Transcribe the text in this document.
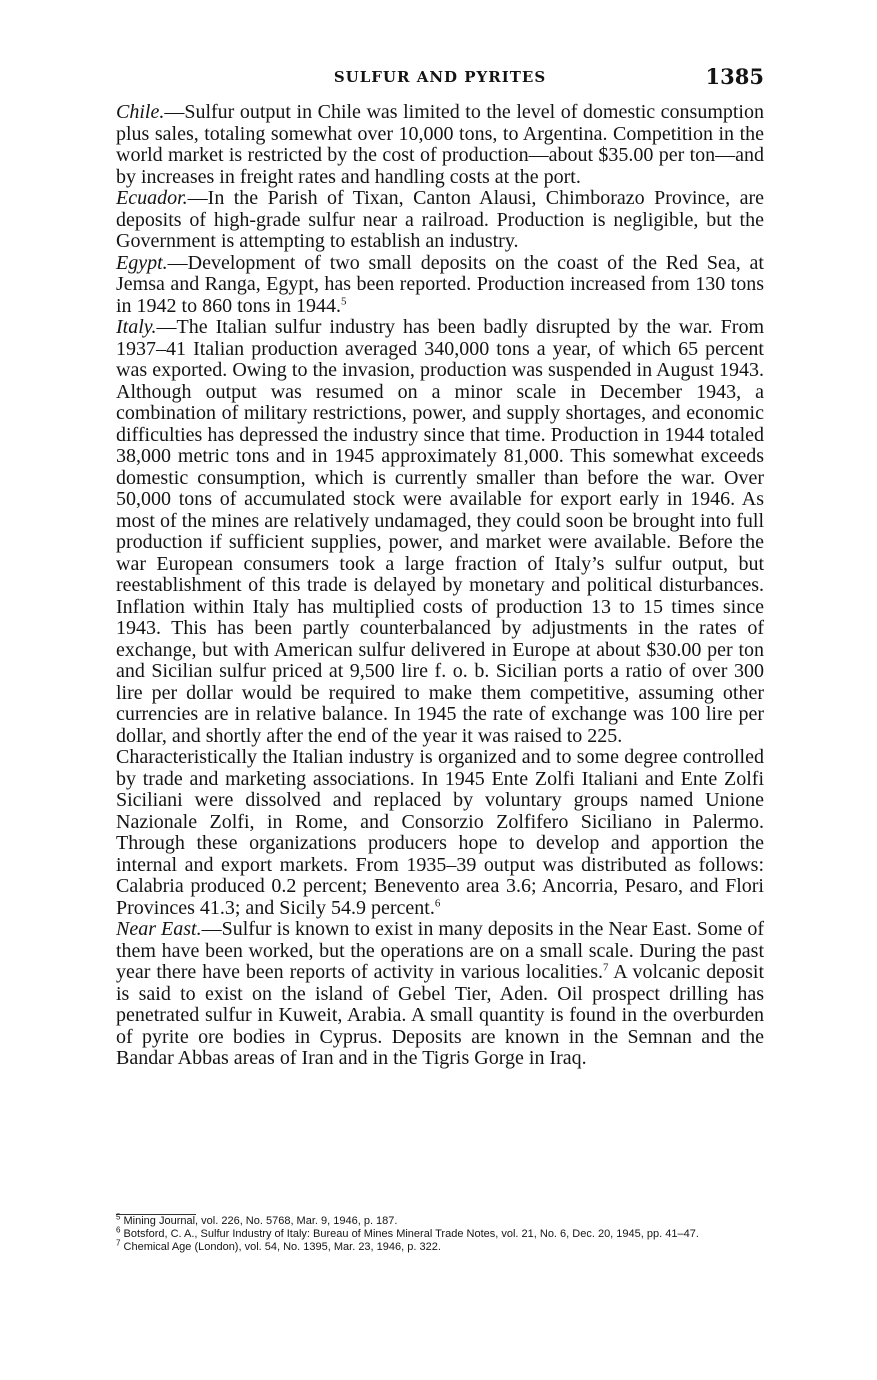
SULFUR AND PYRITES	1385

Chile.—Sulfur output in Chile was limited to the level of domestic consumption plus sales, totaling somewhat over 10,000 tons, to Argentina. Competition in the world market is restricted by the cost of production—about $35.00 per ton—and by increases in freight rates and handling costs at the port.

Ecuador.—In the Parish of Tixan, Canton Alausi, Chimborazo Province, are deposits of high-grade sulfur near a railroad. Production is negligible, but the Government is attempting to establish an industry.

Egypt.—Development of two small deposits on the coast of the Red Sea, at Jemsa and Ranga, Egypt, has been reported. Production increased from 130 tons in 1942 to 860 tons in 1944.$^5$

Italy.—The Italian sulfur industry has been badly disrupted by the war. From 1937–41 Italian production averaged 340,000 tons a year, of which 65 percent was exported. Owing to the invasion, production was suspended in August 1943. Although output was resumed on a minor scale in December 1943, a combination of military restrictions, power, and supply shortages, and economic difficulties has depressed the industry since that time. Production in 1944 totaled 38,000 metric tons and in 1945 approximately 81,000. This somewhat exceeds domestic consumption, which is currently smaller than before the war. Over 50,000 tons of accumulated stock were available for export early in 1946. As most of the mines are relatively undamaged, they could soon be brought into full production if sufficient supplies, power, and market were available. Before the war European consumers took a large fraction of Italy’s sulfur output, but reestablishment of this trade is delayed by monetary and political disturbances. Inflation within Italy has multiplied costs of production 13 to 15 times since 1943. This has been partly counterbalanced by adjustments in the rates of exchange, but with American sulfur delivered in Europe at about $30.00 per ton and Sicilian sulfur priced at 9,500 lire f. o. b. Sicilian ports a ratio of over 300 lire per dollar would be required to make them competitive, assuming other currencies are in relative balance. In 1945 the rate of exchange was 100 lire per dollar, and shortly after the end of the year it was raised to 225.

Characteristically the Italian industry is organized and to some degree controlled by trade and marketing associations. In 1945 Ente Zolfi Italiani and Ente Zolfi Siciliani were dissolved and replaced by voluntary groups named Unione Nazionale Zolfi, in Rome, and Consorzio Zolfifero Siciliano in Palermo. Through these organizations producers hope to develop and apportion the internal and export markets. From 1935–39 output was distributed as follows: Calabria produced 0.2 percent; Benevento area 3.6; Ancorria, Pesaro, and Flori Provinces 41.3; and Sicily 54.9 percent.$^6$

Near East.—Sulfur is known to exist in many deposits in the Near East. Some of them have been worked, but the operations are on a small scale. During the past year there have been reports of activity in various localities.$^7$ A volcanic deposit is said to exist on the island of Gebel Tier, Aden. Oil prospect drilling has penetrated sulfur in Kuweit, Arabia. A small quantity is found in the overburden of pyrite ore bodies in Cyprus. Deposits are known in the Semnan and the Bandar Abbas areas of Iran and in the Tigris Gorge in Iraq.

$^5$ Mining Journal, vol. 226, No. 5768, Mar. 9, 1946, p. 187.

$^6$ Botsford, C. A., Sulfur Industry of Italy: Bureau of Mines Mineral Trade Notes, vol. 21, No. 6, Dec. 20, 1945, pp. 41–47.

$^7$ Chemical Age (London), vol. 54, No. 1395, Mar. 23, 1946, p. 322.
